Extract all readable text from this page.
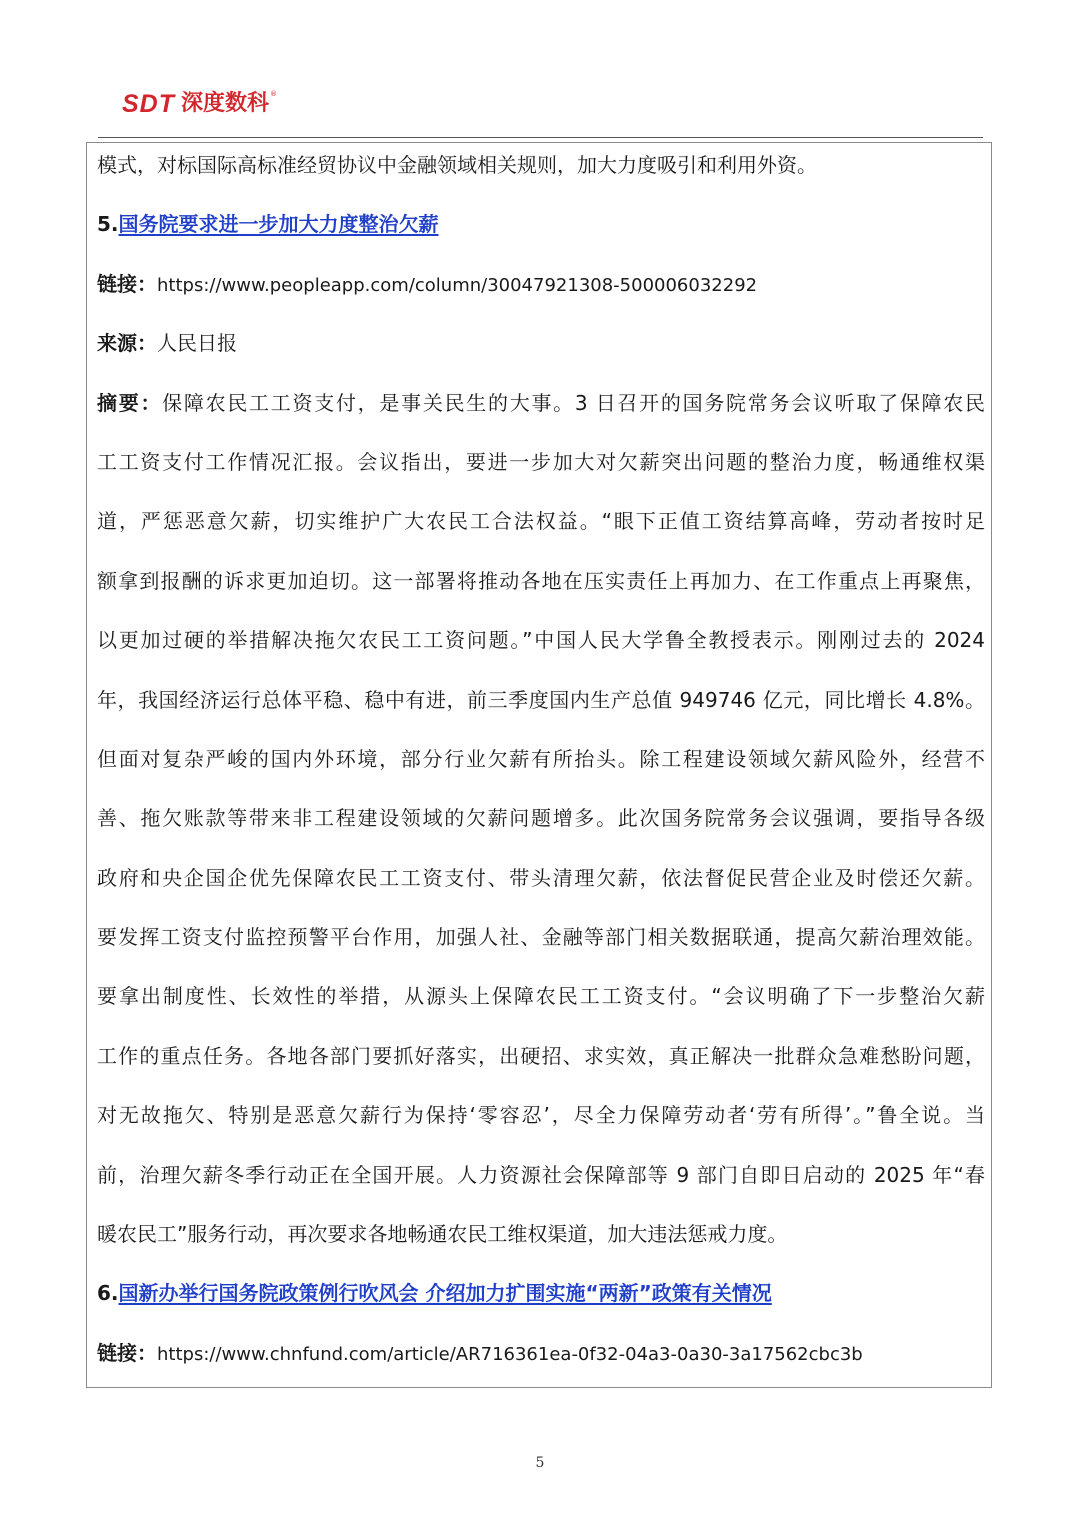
SDT 深度数科 ®
模式，对标国际高标准经贸协议中金融领域相关规则，加大力度吸引和利用外资。
5.国务院要求进一步加大力度整治欠薪
链接：https://www.peopleapp.com/column/30047921308-500006032292
来源：人民日报
摘要：保障农民工工资支付，是事关民生的大事。3 日召开的国务院常务会议听取了保障农民
工工资支付工作情况汇报。会议指出，要进一步加大对欠薪突出问题的整治力度，畅通维权渠
道，严惩恶意欠薪，切实维护广大农民工合法权益。“眼下正值工资结算高峰，劳动者按时足
额拿到报酬的诉求更加迫切。这一部署将推动各地在压实责任上再加力、在工作重点上再聚焦，
以更加过硬的举措解决拖欠农民工工资问题。”中国人民大学鲁全教授表示。刚刚过去的 2024
年，我国经济运行总体平稳、稳中有进，前三季度国内生产总值 949746 亿元，同比增长 4.8%。
但面对复杂严峻的国内外环境，部分行业欠薪有所抬头。除工程建设领域欠薪风险外，经营不
善、拖欠账款等带来非工程建设领域的欠薪问题增多。此次国务院常务会议强调，要指导各级
政府和央企国企优先保障农民工工资支付、带头清理欠薪，依法督促民营企业及时偿还欠薪。
要发挥工资支付监控预警平台作用，加强人社、金融等部门相关数据联通，提高欠薪治理效能。
要拿出制度性、长效性的举措，从源头上保障农民工工资支付。“会议明确了下一步整治欠薪
工作的重点任务。各地各部门要抓好落实，出硬招、求实效，真正解决一批群众急难愁盼问题，
对无故拖欠、特别是恶意欠薪行为保持‘零容忍’，尽全力保障劳动者‘劳有所得’。”鲁全说。当
前，治理欠薪冬季行动正在全国开展。人力资源社会保障部等 9 部门自即日启动的 2025 年“春
暖农民工”服务行动，再次要求各地畅通农民工维权渠道，加大违法惩戒力度。
6.国新办举行国务院政策例行吹风会 介绍加力扩围实施“两新”政策有关情况
链接：https://www.chnfund.com/article/AR716361ea-0f32-04a3-0a30-3a17562cbc3b
5
